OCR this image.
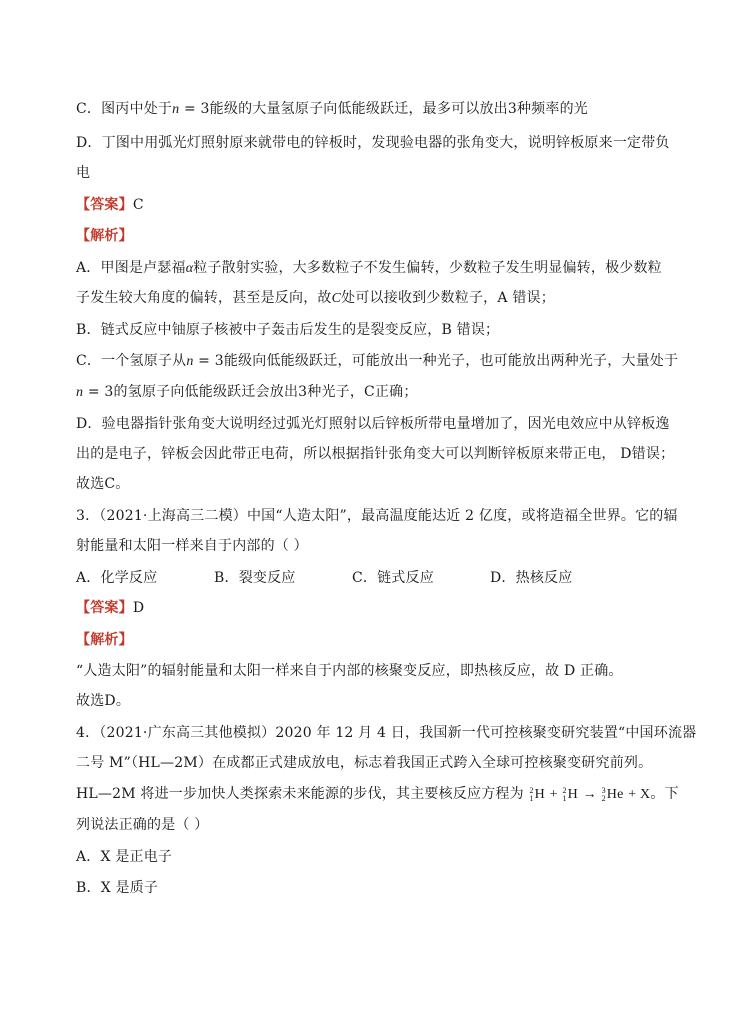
C．图丙中处于n = 3能级的大量氢原子向低能级跃迁，最多可以放出3种频率的光
D．丁图中用弧光灯照射原来就带电的锌板时，发现验电器的张角变大，说明锌板原来一定带负
电
【答案】C
【解析】
A．甲图是卢瑟福α粒子散射实验，大多数粒子不发生偏转，少数粒子发生明显偏转，极少数粒
子发生较大角度的偏转，甚至是反向，故C处可以接收到少数粒子，A 错误；
B．链式反应中铀原子核被中子轰击后发生的是裂变反应，B 错误；
C．一个氢原子从n = 3能级向低能级跃迁，可能放出一种光子，也可能放出两种光子，大量处于
n = 3的氢原子向低能级跃迁会放出3种光子，C正确；
D．验电器指针张角变大说明经过弧光灯照射以后锌板所带电量增加了，因光电效应中从锌板逸
出的是电子，锌板会因此带正电荷，所以根据指针张角变大可以判断锌板原来带正电， D错误；
故选C。
3．（2021·上海高三二模）中国“人造太阳”，最高温度能达近 2 亿度，或将造福全世界。它的辐
射能量和太阳一样来自于内部的（ ）
A．化学反应	B．裂变反应	C．链式反应	D．热核反应
【答案】D
【解析】
“人造太阳”的辐射能量和太阳一样来自于内部的核聚变反应，即热核反应，故 D 正确。
故选D。
4．（2021·广东高三其他模拟）2020 年 12 月 4 日，我国新一代可控核聚变研究装置“中国环流器
二号 M”（HL—2M）在成都正式建成放电，标志着我国正式跨入全球可控核聚变研究前列。
HL—2M 将进一步加快人类探索未来能源的步伐，其主要核反应方程为 2
1 H + 2
1 H → 3
2 He + X。下
列说法正确的是（ ）
A．X 是正电子
B．X 是质子
